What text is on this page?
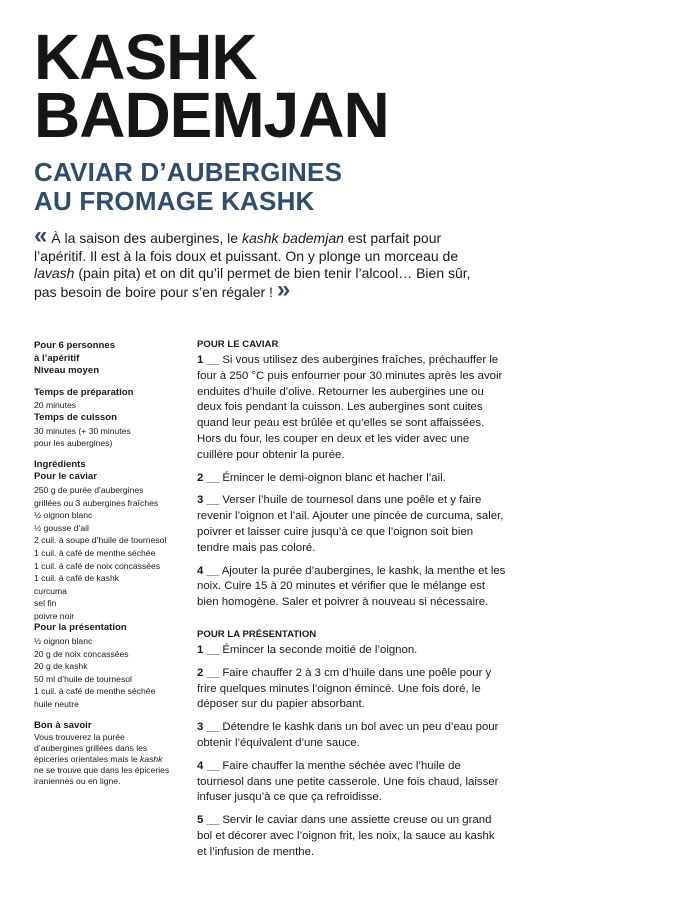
KASHK
BADEMJAN
CAVIAR D’AUBERGINES
AU FROMAGE KASHK

« À la saison des aubergines, le kashk bademjan est parfait pour l’apéritif. Il est à la fois doux et puissant. On y plonge un morceau de lavash (pain pita) et on dit qu’il permet de bien tenir l’alcool… Bien sûr, pas besoin de boire pour s’en régaler ! »

Pour 6 personnes
à l’apéritif
Niveau moyen
Temps de préparation
20 minutes
Temps de cuisson
30 minutes (+ 30 minutes
pour les aubergines)
Ingrédients
Pour le caviar
250 g de purée d’aubergines
grillées ou 3 aubergines fraîches
½ oignon blanc
½ gousse d’ail
2 cuil. à soupe d’huile de tournesol
1 cuil. à café de menthe séchée
1 cuil. à café de noix concassées
1 cuil. à café de kashk
curcuma
sel fin
poivre noir
Pour la présentation
½ oignon blanc
20 g de noix concassées
20 g de kashk
50 ml d’huile de tournesol
1 cuil. à café de menthe séchée
huile neutre
Bon à savoir
Vous trouverez la purée
d’aubergines grillées dans les
épiceries orientales mais le kashk
ne se trouve que dans les épiceries
iraniennes ou en ligne.
POUR LE CAVIAR

1 __ Si vous utilisez des aubergines fraîches, préchauffer le four à 250 °C puis enfourner pour 30 minutes après les avoir enduites d’huile d’olive. Retourner les aubergines une ou deux fois pendant la cuisson. Les aubergines sont cuites quand leur peau est brûlée et qu’elles se sont affaissées. Hors du four, les couper en deux et les vider avec une cuillère pour obtenir la purée.

2 __ Émincer le demi-oignon blanc et hacher l’ail.

3 __ Verser l’huile de tournesol dans une poêle et y faire revenir l’oignon et l’ail. Ajouter une pincée de curcuma, saler, poivrer et laisser cuire jusqu’à ce que l’oignon soit bien tendre mais pas coloré.

4 __ Ajouter la purée d’aubergines, le kashk, la menthe et les noix. Cuire 15 à 20 minutes et vérifier que le mélange est bien homogène. Saler et poivrer à nouveau si nécessaire.

POUR LA PRÉSENTATION

1 __ Émincer la seconde moitié de l’oignon.

2 __ Faire chauffer 2 à 3 cm d’huile dans une poêle pour y frire quelques minutes l’oignon émincé. Une fois doré, le déposer sur du papier absorbant.

3 __ Détendre le kashk dans un bol avec un peu d’eau pour obtenir l’équivalent d’une sauce.

4 __ Faire chauffer la menthe séchée avec l’huile de tournesol dans une petite casserole. Une fois chaud, laisser infuser jusqu’à ce que ça refroidisse.

5 __ Servir le caviar dans une assiette creuse ou un grand bol et décorer avec l’oignon frit, les noix, la sauce au kashk et l’infusion de menthe.
